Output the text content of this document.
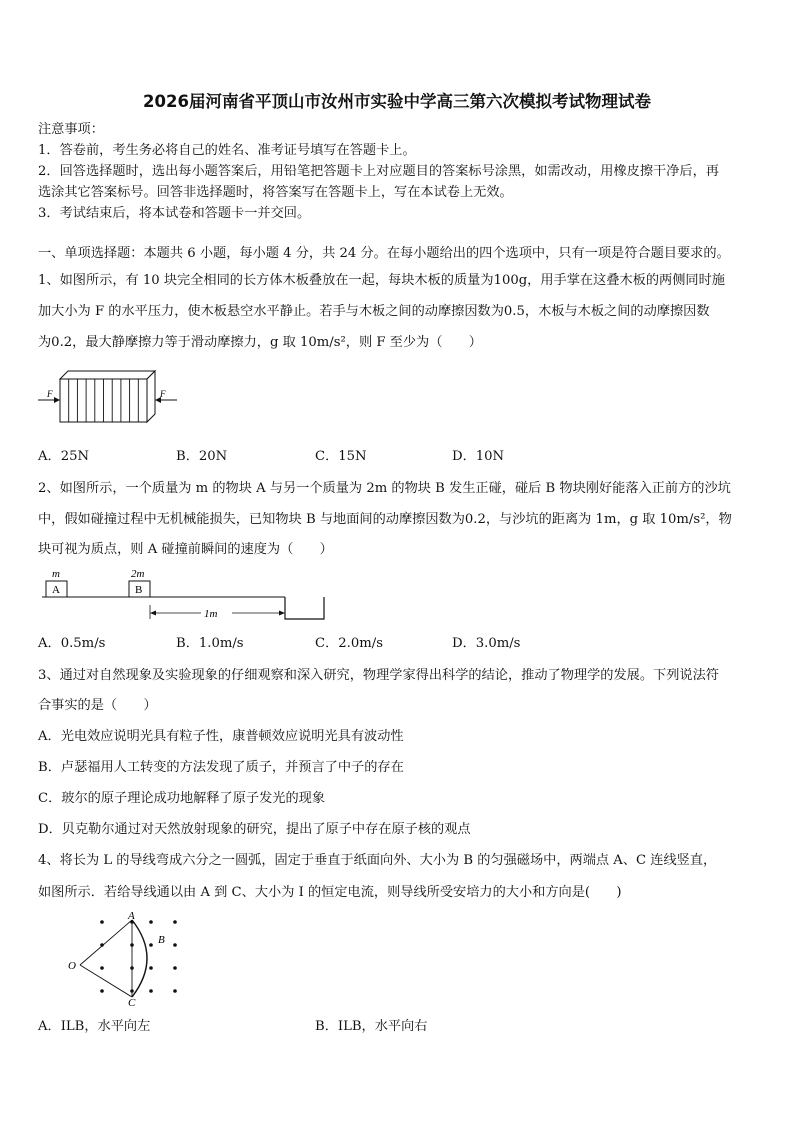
2026届河南省平顶山市汝州市实验中学高三第六次模拟考试物理试卷
注意事项：
1．答卷前，考生务必将自己的姓名、准考证号填写在答题卡上。
2．回答选择题时，选出每小题答案后，用铅笔把答题卡上对应题目的答案标号涂黑，如需改动，用橡皮擦干净后，再
选涂其它答案标号。回答非选择题时，将答案写在答题卡上，写在本试卷上无效。
3．考试结束后，将本试卷和答题卡一并交回。
一、单项选择题：本题共 6 小题，每小题 4 分，共 24 分。在每小题给出的四个选项中，只有一项是符合题目要求的。
1、如图所示，有 10 块完全相同的长方体木板叠放在一起，每块木板的质量为100g，用手掌在这叠木板的两侧同时施
加大小为 F 的水平压力，使木板悬空水平静止。若手与木板之间的动摩擦因数为0.5，木板与木板之间的动摩擦因数
为0.2，最大静摩擦力等于滑动摩擦力，g 取 10m/s²，则 F 至少为（　　）
F	F
A．25N	B．20N	C．15N	D．10N
2、如图所示，一个质量为 m 的物块 A 与另一个质量为 2m 的物块 B 发生正碰，碰后 B 物块刚好能落入正前方的沙坑
中，假如碰撞过程中无机械能损失，已知物块 B 与地面间的动摩擦因数为0.2，与沙坑的距离为 1m，g 取 10m/s²，物
块可视为质点，则 A 碰撞前瞬间的速度为（　　）
m
A
2m
B
1m
A．0.5m/s	B．1.0m/s	C．2.0m/s	D．3.0m/s
3、通过对自然现象及实验现象的仔细观察和深入研究，物理学家得出科学的结论，推动了物理学的发展。下列说法符
合事实的是（　　）
A．光电效应说明光具有粒子性，康普顿效应说明光具有波动性
B．卢瑟福用人工转变的方法发现了质子，并预言了中子的存在
C．玻尔的原子理论成功地解释了原子发光的现象
D．贝克勒尔通过对天然放射现象的研究，提出了原子中存在原子核的观点
4、将长为 L 的导线弯成六分之一圆弧，固定于垂直于纸面向外、大小为 B 的匀强磁场中，两端点 A、C 连线竖直，
如图所示．若给导线通以由 A 到 C、大小为 I 的恒定电流，则导线所受安培力的大小和方向是(　　)
A
B
C
O
A．ILB，水平向左	B．ILB，水平向右
